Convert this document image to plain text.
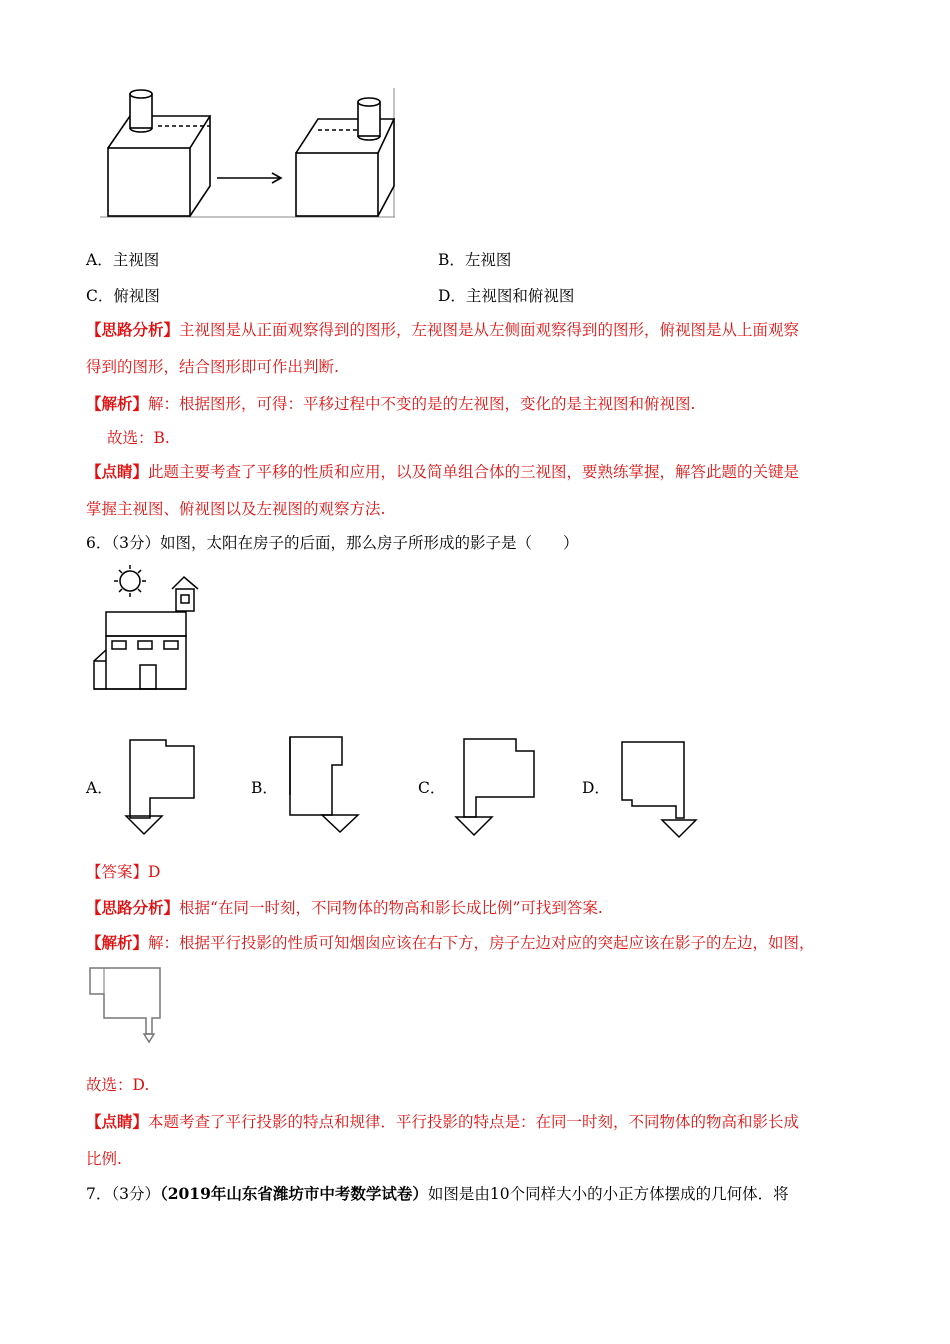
A．主视图	B．左视图
C．俯视图	D．主视图和俯视图
【思路分析】主视图是从正面观察得到的图形，左视图是从左侧面观察得到的图形，俯视图是从上面观察
得到的图形，结合图形即可作出判断.
【解析】解：根据图形，可得：平移过程中不变的是的左视图，变化的是主视图和俯视图.
故选：B.
【点睛】此题主要考查了平移的性质和应用，以及简单组合体的三视图，要熟练掌握，解答此题的关键是
掌握主视图、俯视图以及左视图的观察方法.
6．（3分）如图，太阳在房子的后面，那么房子所形成的影子是（　　）
A．	B．	C．	D．
【答案】D
【思路分析】根据“在同一时刻，不同物体的物高和影长成比例”可找到答案.
【解析】解：根据平行投影的性质可知烟囱应该在右下方，房子左边对应的突起应该在影子的左边，如图，
故选：D.
【点睛】本题考查了平行投影的特点和规律．平行投影的特点是：在同一时刻，不同物体的物高和影长成
比例.
7．（3分）（2019年山东省潍坊市中考数学试卷）如图是由10个同样大小的小正方体摆成的几何体．将
